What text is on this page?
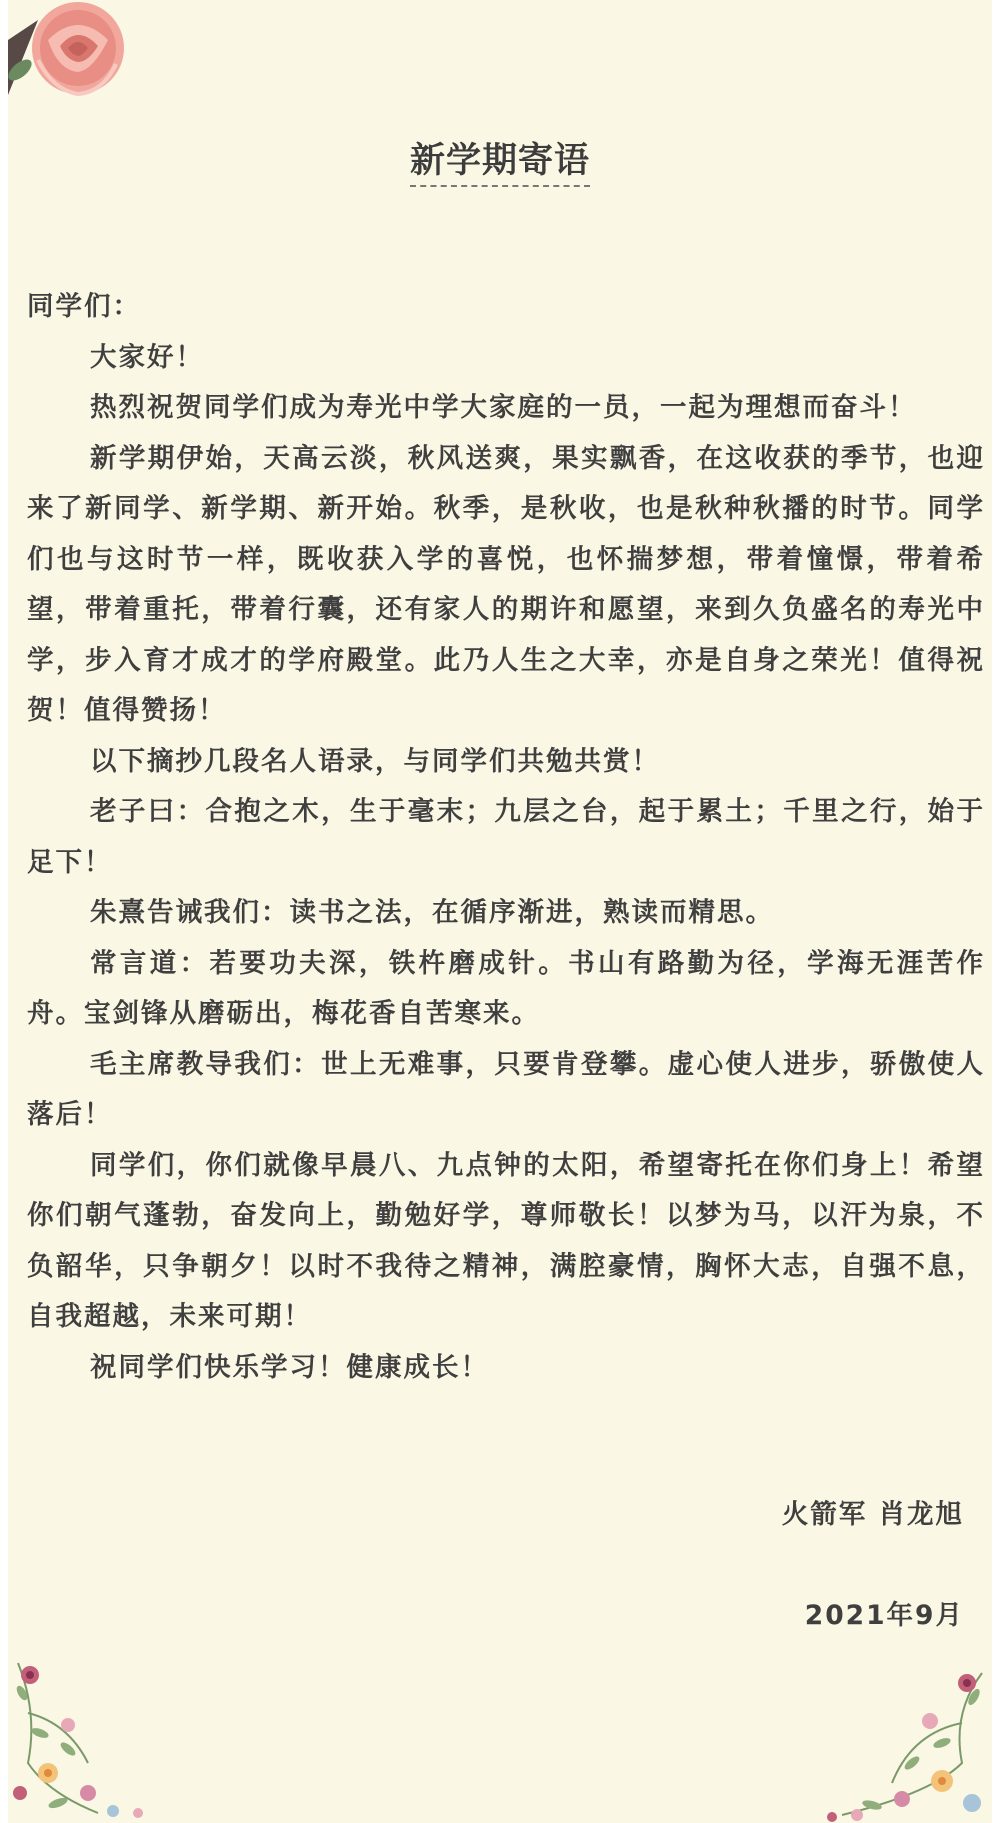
新学期寄语

同学们：

大家好！

热烈祝贺同学们成为寿光中学大家庭的一员，一起为理想而奋斗！

新学期伊始，天高云淡，秋风送爽，果实飘香，在这收获的季节，也迎来了新同学、新学期、新开始。秋季，是秋收，也是秋种秋播的时节。同学们也与这时节一样，既收获入学的喜悦，也怀揣梦想，带着憧憬，带着希望，带着重托，带着行囊，还有家人的期许和愿望，来到久负盛名的寿光中学，步入育才成才的学府殿堂。此乃人生之大幸，亦是自身之荣光！值得祝贺！值得赞扬！

以下摘抄几段名人语录，与同学们共勉共赏！

老子曰：合抱之木，生于毫末；九层之台，起于累土；千里之行，始于足下！

朱熹告诫我们：读书之法，在循序渐进，熟读而精思。

常言道：若要功夫深，铁杵磨成针。书山有路勤为径，学海无涯苦作舟。宝剑锋从磨砺出，梅花香自苦寒来。

毛主席教导我们：世上无难事，只要肯登攀。虚心使人进步，骄傲使人落后！

同学们，你们就像早晨八、九点钟的太阳，希望寄托在你们身上！希望你们朝气蓬勃，奋发向上，勤勉好学，尊师敬长！以梦为马，以汗为泉，不负韶华，只争朝夕！以时不我待之精神，满腔豪情，胸怀大志，自强不息，自我超越，未来可期！

祝同学们快乐学习！健康成长！

火箭军 肖龙旭
2021年9月
